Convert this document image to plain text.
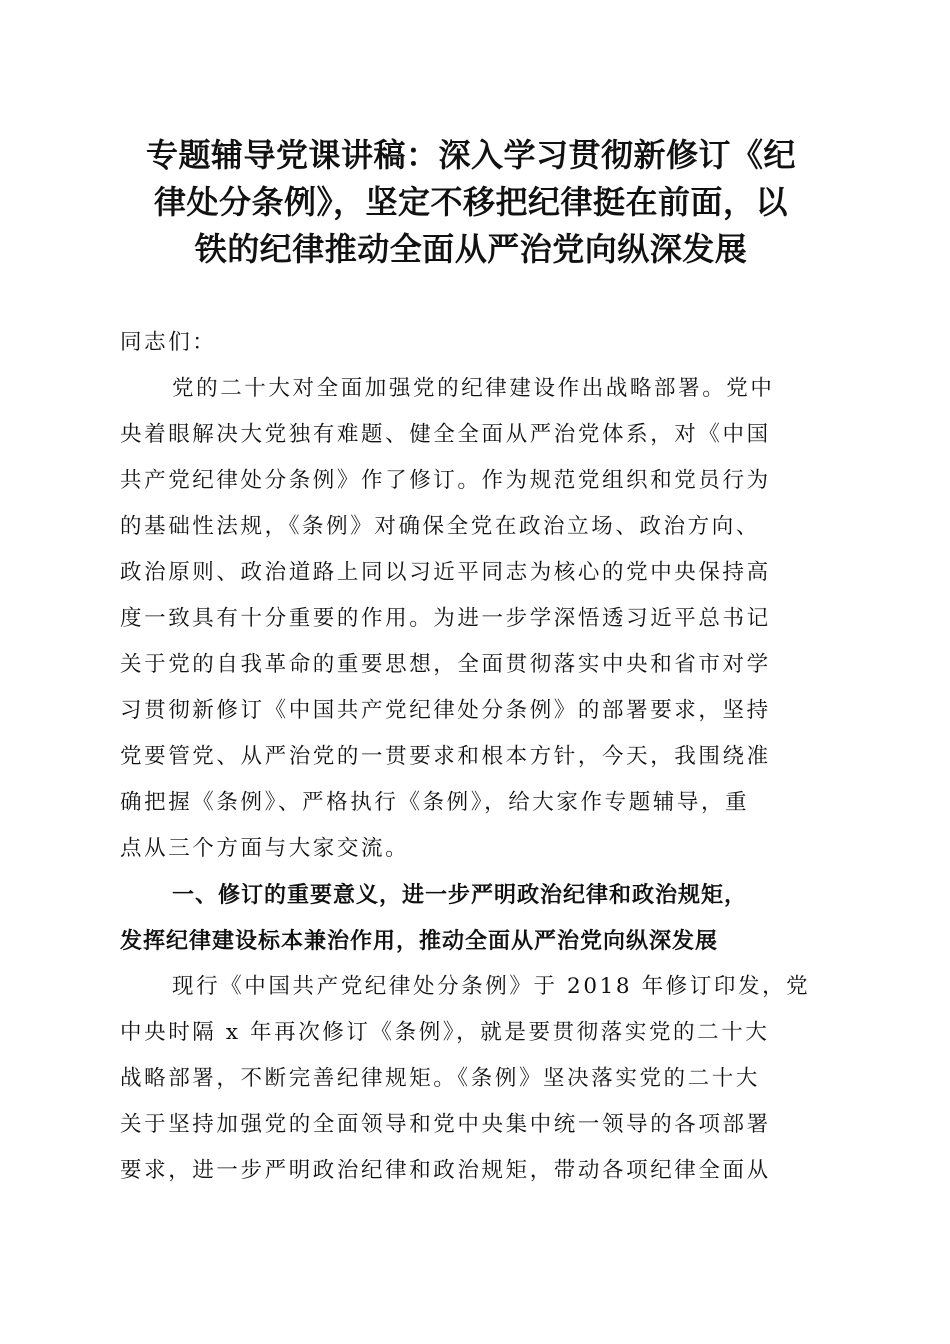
专题辅导党课讲稿：深入学习贯彻新修订《纪
律处分条例》，坚定不移把纪律挺在前面，以
铁的纪律推动全面从严治党向纵深发展
同志们：
党的二十大对全面加强党的纪律建设作出战略部署。党中
央着眼解决大党独有难题、健全全面从严治党体系，对《中国
共产党纪律处分条例》作了修订。作为规范党组织和党员行为
的基础性法规，《条例》对确保全党在政治立场、政治方向、
政治原则、政治道路上同以习近平同志为核心的党中央保持高
度一致具有十分重要的作用。为进一步学深悟透习近平总书记
关于党的自我革命的重要思想，全面贯彻落实中央和省市对学
习贯彻新修订《中国共产党纪律处分条例》的部署要求，坚持
党要管党、从严治党的一贯要求和根本方针，今天，我围绕准
确把握《条例》、严格执行《条例》，给大家作专题辅导，重
点从三个方面与大家交流。
一、修订的重要意义，进一步严明政治纪律和政治规矩，
发挥纪律建设标本兼治作用，推动全面从严治党向纵深发展
现行《中国共产党纪律处分条例》于 2018 年修订印发，党
中央时隔 x 年再次修订《条例》，就是要贯彻落实党的二十大
战略部署，不断完善纪律规矩。《条例》坚决落实党的二十大
关于坚持加强党的全面领导和党中央集中统一领导的各项部署
要求，进一步严明政治纪律和政治规矩，带动各项纪律全面从
